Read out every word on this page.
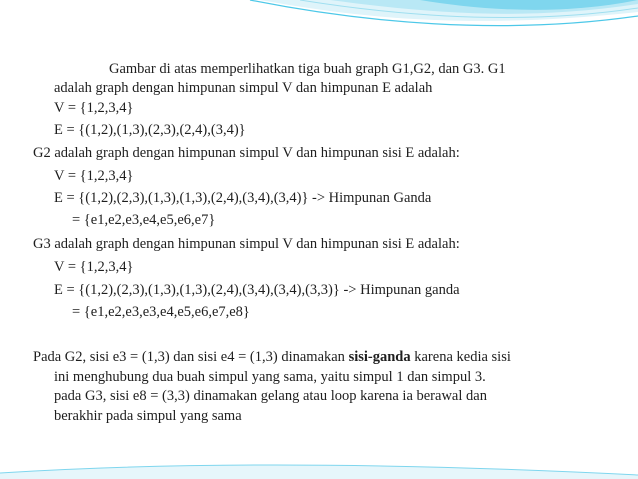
Gambar di atas memperlihatkan tiga buah graph G1,G2, dan G3. G1
adalah graph dengan himpunan simpul V dan himpunan E adalah
V = {1,2,3,4}
E = {(1,2),(1,3),(2,3),(2,4),(3,4)}
G2 adalah graph dengan himpunan simpul V dan himpunan sisi E adalah:
V = {1,2,3,4}
E = {(1,2),(2,3),(1,3),(1,3),(2,4),(3,4),(3,4)} -> Himpunan Ganda
= {e1,e2,e3,e4,e5,e6,e7}
G3 adalah graph dengan himpunan simpul V dan himpunan sisi E adalah:
V = {1,2,3,4}
E = {(1,2),(2,3),(1,3),(1,3),(2,4),(3,4),(3,4),(3,3)} -> Himpunan ganda
= {e1,e2,e3,e3,e4,e5,e6,e7,e8}
Pada G2, sisi e3 = (1,3) dan sisi e4 = (1,3) dinamakan sisi-ganda karena kedia sisi
ini menghubung dua buah simpul yang sama, yaitu simpul 1 dan simpul 3.
pada G3, sisi e8 = (3,3) dinamakan gelang atau loop karena ia berawal dan
berakhir pada simpul yang sama
